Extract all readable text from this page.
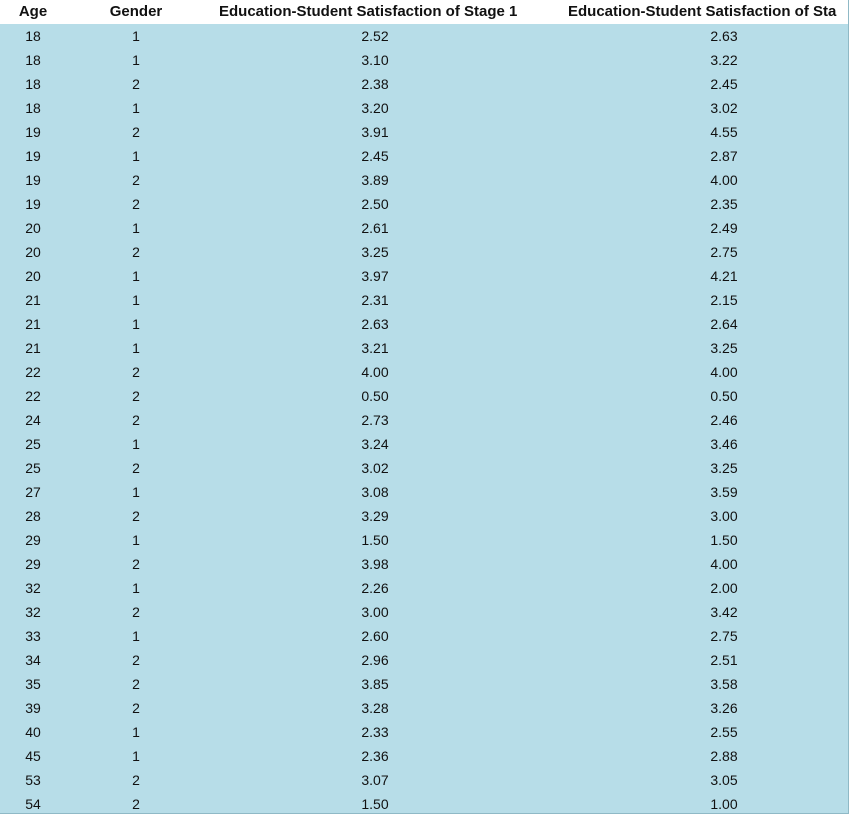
Age	Gender	Education-Student Satisfaction of Stage 1	Education-Student Satisfaction of Sta
18	1	2.52	2.63
18	1	3.10	3.22
18	2	2.38	2.45
18	1	3.20	3.02
19	2	3.91	4.55
19	1	2.45	2.87
19	2	3.89	4.00
19	2	2.50	2.35
20	1	2.61	2.49
20	2	3.25	2.75
20	1	3.97	4.21
21	1	2.31	2.15
21	1	2.63	2.64
21	1	3.21	3.25
22	2	4.00	4.00
22	2	0.50	0.50
24	2	2.73	2.46
25	1	3.24	3.46
25	2	3.02	3.25
27	1	3.08	3.59
28	2	3.29	3.00
29	1	1.50	1.50
29	2	3.98	4.00
32	1	2.26	2.00
32	2	3.00	3.42
33	1	2.60	2.75
34	2	2.96	2.51
35	2	3.85	3.58
39	2	3.28	3.26
40	1	2.33	2.55
45	1	2.36	2.88
53	2	3.07	3.05
54	2	1.50	1.00
